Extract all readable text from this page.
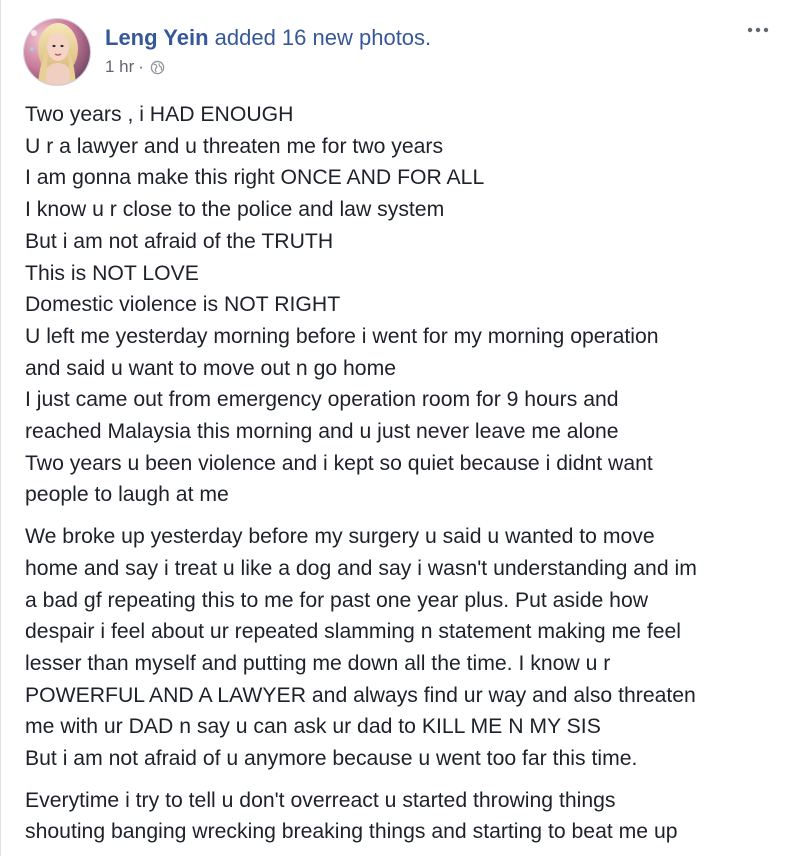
Leng Yein added 16 new photos.
1 hr ·
Two years , i HAD ENOUGH
U r a lawyer and u threaten me for two years
I am gonna make this right ONCE AND FOR ALL
I know u r close to the police and law system
But i am not afraid of the TRUTH
This is NOT LOVE
Domestic violence is NOT RIGHT
U left me yesterday morning before i went for my morning operation
and said u want to move out n go home
I just came out from emergency operation room for 9 hours and
reached Malaysia this morning and u just never leave me alone
Two years u been violence and i kept so quiet because i didnt want
people to laugh at me
We broke up yesterday before my surgery u said u wanted to move
home and say i treat u like a dog and say i wasn't understanding and im
a bad gf repeating this to me for past one year plus. Put aside how
despair i feel about ur repeated slamming n statement making me feel
lesser than myself and putting me down all the time. I know u r
POWERFUL AND A LAWYER and always find ur way and also threaten
me with ur DAD n say u can ask ur dad to KILL ME N MY SIS
But i am not afraid of u anymore because u went too far this time.
Everytime i try to tell u don't overreact u started throwing things
shouting banging wrecking breaking things and starting to beat me up
